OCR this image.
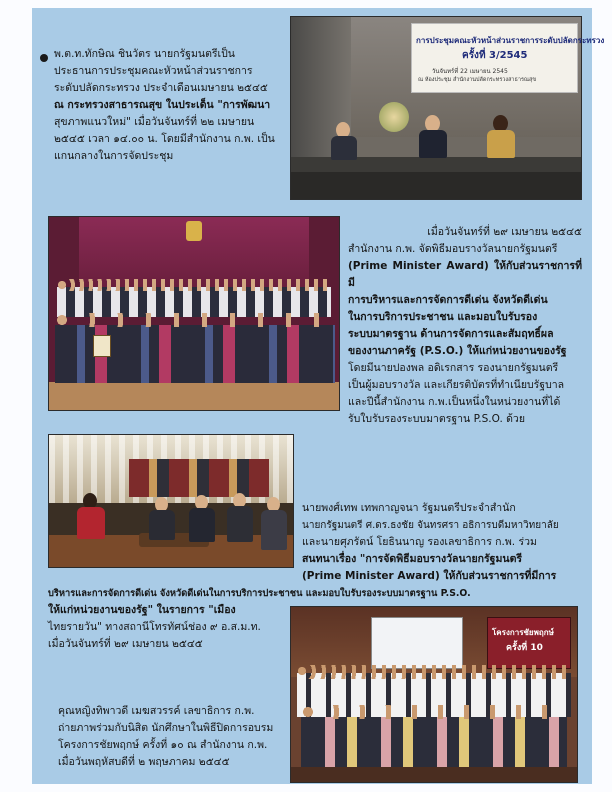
การประชุมคณะหัวหน้าส่วนราชการระดับปลัดกระทรวง
ครั้งที่ 3/2545
วันจันทร์ที่ 22 เมษายน 2545
ณ ห้องประชุม สำนักงานปลัดกระทรวงสาธารณสุข
พ.ต.ท.ทักษิณ ชินวัตร นายกรัฐมนตรีเป็น
ประธานการประชุมคณะหัวหน้าส่วนราชการ
ระดับปลัดกระทรวง ประจำเดือนเมษายน ๒๕๔๕
ณ กระทรวงสาธารณสุข ในประเด็น "การพัฒนา
สุขภาพแนวใหม่" เมื่อวันจันทร์ที่ ๒๒ เมษายน
๒๕๔๕ เวลา ๑๔.๐๐ น. โดยมีสำนักงาน ก.พ. เป็น
แกนกลางในการจัดประชุม
เมื่อวันจันทร์ที่ ๒๙ เมษายน ๒๕๔๕
สำนักงาน ก.พ. จัดพิธีมอบรางวัลนายกรัฐมนตรี
(Prime Minister Award) ให้กับส่วนราชการที่มี
การบริหารและการจัดการดีเด่น จังหวัดดีเด่น
ในการบริการประชาชน และมอบใบรับรอง
ระบบมาตรฐาน ด้านการจัดการและสัมฤทธิ์ผล
ของงานภาครัฐ (P.S.O.) ให้แก่หน่วยงานของรัฐ
โดยมีนายปองพล อดิเรกสาร รองนายกรัฐมนตรี
เป็นผู้มอบรางวัล และเกียรติบัตรที่ทำเนียบรัฐบาล
และปีนี้สำนักงาน ก.พ.เป็นหนึ่งในหน่วยงานที่ได้
รับใบรับรองระบบมาตรฐาน P.S.O. ด้วย
นายพงศ์เทพ เทพกาญจนา รัฐมนตรีประจำสำนัก
นายกรัฐมนตรี ศ.ดร.ธงชัย จันทรศรา อธิการบดีมหาวิทยาลัย
และนายศุภรัตน์ โยธินนาญ รองเลขาธิการ ก.พ. ร่วม
สนทนาเรื่อง "การจัดพิธีมอบรางวัลนายกรัฐมนตรี
(Prime Minister Award) ให้กับส่วนราชการที่มีการ
บริหารและการจัดการดีเด่น จังหวัดดีเด่นในการบริการประชาชน และมอบใบรับรองระบบมาตรฐาน P.S.O.
ให้แก่หน่วยงานของรัฐ" ในรายการ "เมือง
ไทยรายวัน" ทางสถานีโทรทัศน์ช่อง ๙ อ.ส.ม.ท.
เมื่อวันจันทร์ที่ ๒๙ เมษายน ๒๕๔๕
โครงการชัยพฤกษ์
ครั้งที่ 10
คุณหญิงทิพาวดี เมฆสวรรค์ เลขาธิการ ก.พ.
ถ่ายภาพร่วมกับนิสิต นักศึกษาในพิธีปิดการอบรม
โครงการชัยพฤกษ์ ครั้งที่ ๑๐ ณ สำนักงาน ก.พ.
เมื่อวันพฤหัสบดีที่ ๒ พฤษภาคม ๒๕๔๕
